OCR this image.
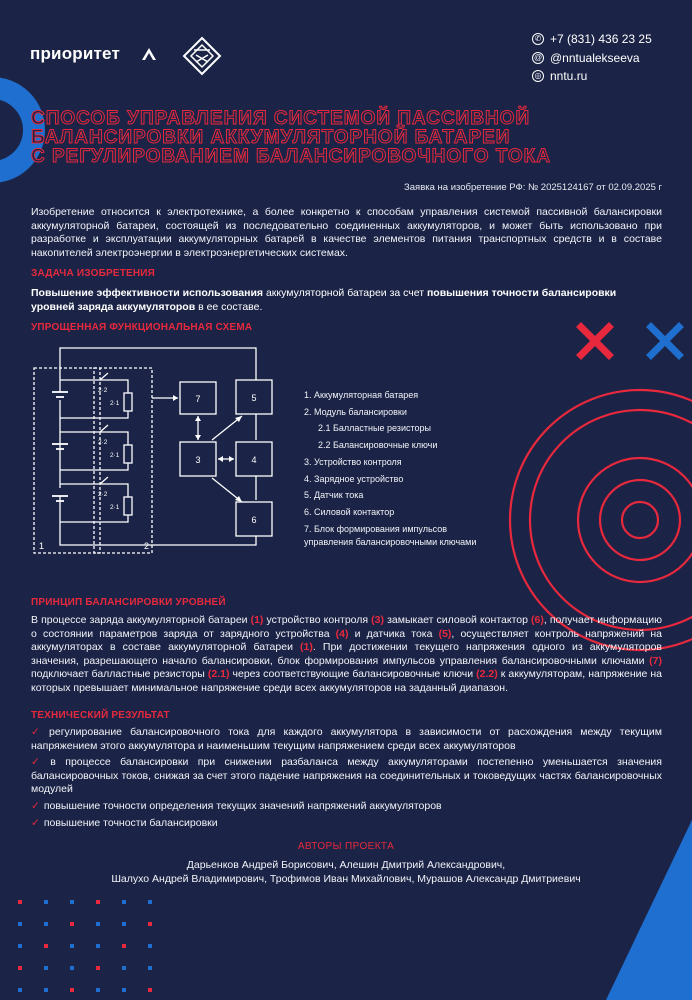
приоритет
✆ +7 (831) 436 23 25
@ @nntualekseeva
◎ nntu.ru
СПОСОБ УПРАВЛЕНИЯ СИСТЕМОЙ ПАССИВНОЙ
БАЛАНСИРОВКИ АККУМУЛЯТОРНОЙ БАТАРЕИ
С РЕГУЛИРОВАНИЕМ БАЛАНСИРОВОЧНОГО ТОКА
Заявка на изобретение РФ: № 2025124167 от 02.09.2025 г
Изобретение относится к электротехнике, а более конкретно к способам управления системой пассивной балансировки аккумуляторной батареи, состоящей из последовательно соединенных аккумуляторов, и может быть использовано при разработке и эксплуатации аккумуляторных батарей в качестве элементов питания транспортных средств и в составе накопителей электроэнергии в электроэнергетических системах.
ЗАДАЧА ИЗОБРЕТЕНИЯ
Повышение эффективности использования аккумуляторной батареи за счет повышения точности балансировки уровней заряда аккумуляторов в ее составе.
УПРОЩЕННАЯ ФУНКЦИОНАЛЬНАЯ СХЕМА
7	5
3	4
6
1	2
2·2
2·2
2·2
2·1
2·1
2·1
1. Аккумуляторная батарея
2. Модуль балансировки
2.1 Балластные резисторы
2.2 Балансировочные ключи
3. Устройство контроля
4. Зарядное устройство
5. Датчик тока
6. Силовой контактор
7. Блок формирования импульсов
управления балансировочными ключами
ПРИНЦИП БАЛАНСИРОВКИ УРОВНЕЙ
В процессе заряда аккумуляторной батареи (1) устройство контроля (3) замыкает силовой контактор (6), получает информацию о состоянии параметров заряда от зарядного устройства (4) и датчика тока (5), осуществляет контроль напряжений на аккумуляторах в составе аккумуляторной батареи (1). При достижении текущего напряжения одного из аккумуляторов значения, разрешающего начало балансировки, блок формирования импульсов управления балансировочными ключами (7) подключает балластные резисторы (2.1) через соответствующие балансировочные ключи (2.2) к аккумуляторам, напряжение на которых превышает минимальное напряжение среди всех аккумуляторов на заданный диапазон.
ТЕХНИЧЕСКИЙ РЕЗУЛЬТАТ
✓ регулирование балансировочного тока для каждого аккумулятора в зависимости от расхождения между текущим напряжением этого аккумулятора и наименьшим текущим напряжением среди всех аккумуляторов
✓ в процессе балансировки при снижении разбаланса между аккумуляторами постепенно уменьшается значения балансировочных токов, снижая за счет этого падение напряжения на соединительных и токоведущих частях балансировочных модулей
✓ повышение точности определения текущих значений напряжений аккумуляторов
✓ повышение точности балансировки
АВТОРЫ ПРОЕКТА
Дарьенков Андрей Борисович, Алешин Дмитрий Александрович,
Шалухо Андрей Владимирович, Трофимов Иван Михайлович, Мурашов Александр Дмитриевич
